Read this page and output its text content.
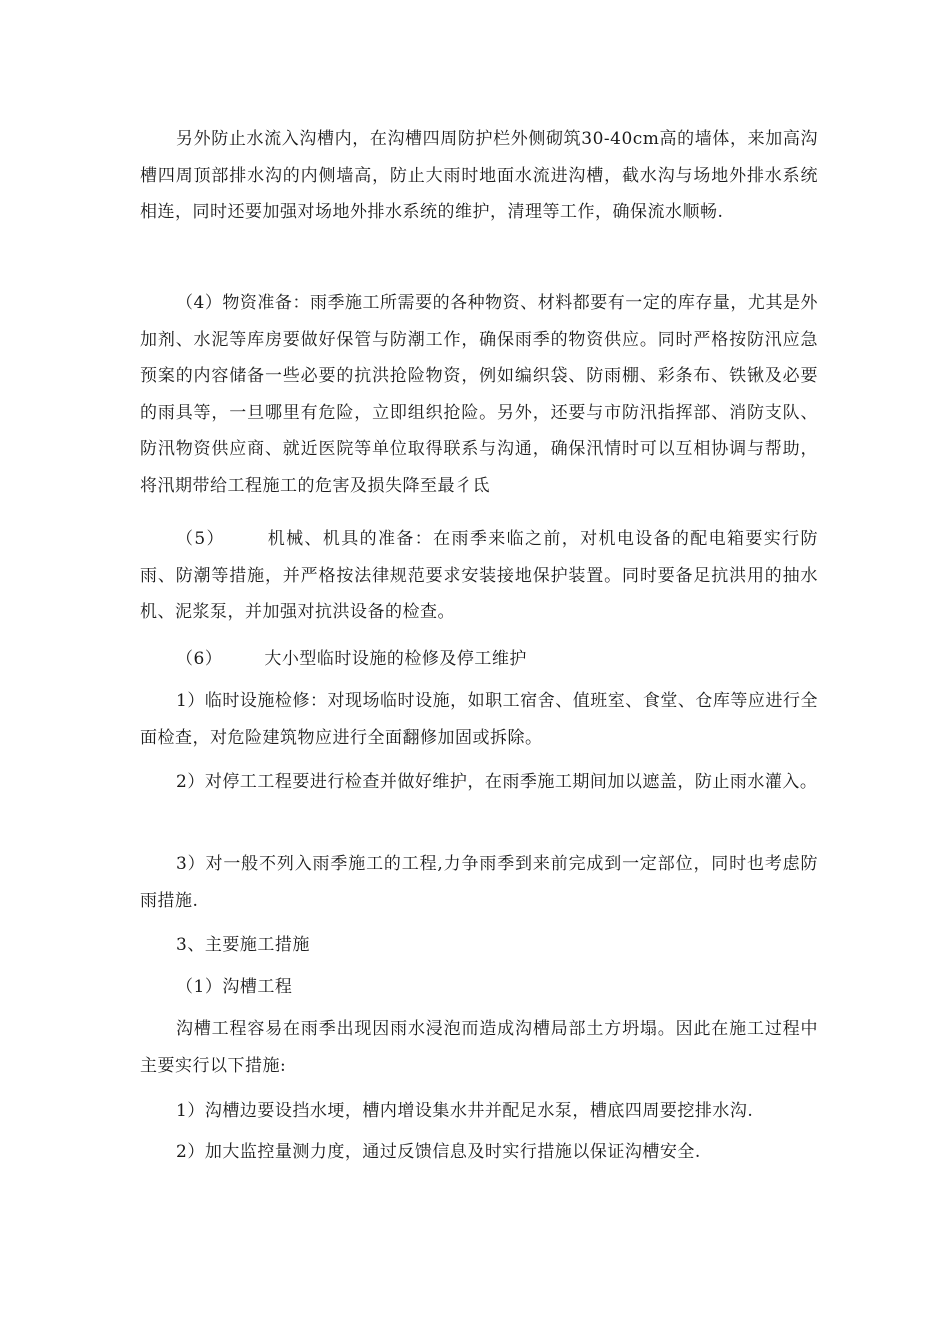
另外防止水流入沟槽内，在沟槽四周防护栏外侧砌筑30-40cm高的墙体，来加高沟槽四周顶部排水沟的内侧墙高，防止大雨时地面水流进沟槽，截水沟与场地外排水系统相连，同时还要加强对场地外排水系统的维护，清理等工作，确保流水顺畅.

（4）物资准备：雨季施工所需要的各种物资、材料都要有一定的库存量，尤其是外加剂、水泥等库房要做好保管与防潮工作，确保雨季的物资供应。同时严格按防汛应急预案的内容储备一些必要的抗洪抢险物资，例如编织袋、防雨棚、彩条布、铁锹及必要的雨具等，一旦哪里有危险，立即组织抢险。另外，还要与市防汛指挥部、消防支队、防汛物资供应商、就近医院等单位取得联系与沟通，确保汛情时可以互相协调与帮助，将汛期带给工程施工的危害及损失降至最彳氐

（5） 机械、机具的准备：在雨季来临之前，对机电设备的配电箱要实行防雨、防潮等措施，并严格按法律规范要求安装接地保护装置。同时要备足抗洪用的抽水机、泥浆泵，并加强对抗洪设备的检查。

（6） 大小型临时设施的检修及停工维护

1）临时设施检修：对现场临时设施，如职工宿舍、值班室、食堂、仓库等应进行全面检查，对危险建筑物应进行全面翻修加固或拆除。

2）对停工工程要进行检查并做好维护，在雨季施工期间加以遮盖，防止雨水灌入。

3）对一般不列入雨季施工的工程,力争雨季到来前完成到一定部位，同时也考虑防雨措施.

3、主要施工措施

（1）沟槽工程

沟槽工程容易在雨季出现因雨水浸泡而造成沟槽局部土方坍塌。因此在施工过程中主要实行以下措施:

1）沟槽边要设挡水埂，槽内增设集水井并配足水泵，槽底四周要挖排水沟.

2）加大监控量测力度，通过反馈信息及时实行措施以保证沟槽安全.
